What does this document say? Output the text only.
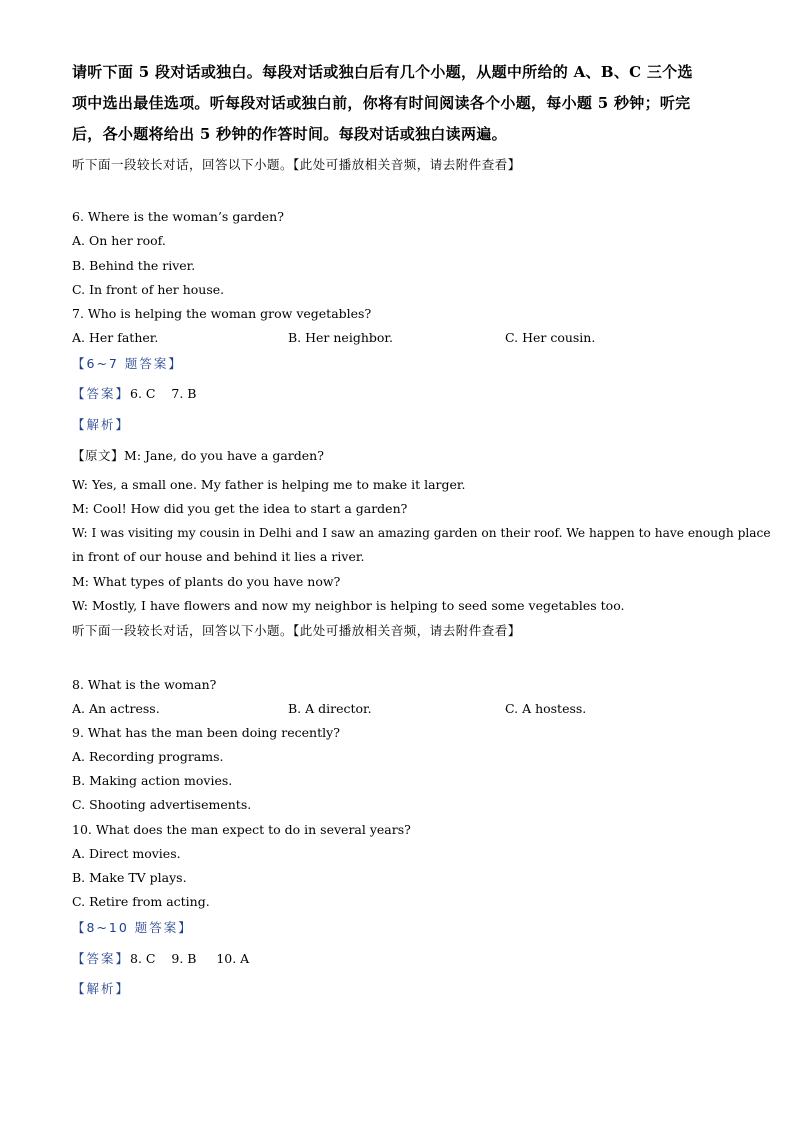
请听下面 5 段对话或独白。每段对话或独白后有几个小题，从题中所给的 A、B、C 三个选
项中选出最佳选项。听每段对话或独白前，你将有时间阅读各个小题，每小题 5 秒钟；听完
后，各小题将给出 5 秒钟的作答时间。每段对话或独白读两遍。
听下面一段较长对话，回答以下小题。【此处可播放相关音频，请去附件查看】
6. Where is the woman’s garden?
A. On her roof.
B. Behind the river.
C. In front of her house.
7. Who is helping the woman grow vegetables?
A. Her father.	B. Her neighbor.	C. Her cousin.
【6~7 题答案】
【答案】6. C    7. B
【解析】
【原文】M: Jane, do you have a garden?
W: Yes, a small one. My father is helping me to make it larger.
M: Cool! How did you get the idea to start a garden?
W: I was visiting my cousin in Delhi and I saw an amazing garden on their roof. We happen to have enough place
in front of our house and behind it lies a river.
M: What types of plants do you have now?
W: Mostly, I have flowers and now my neighbor is helping to seed some vegetables too.
听下面一段较长对话，回答以下小题。【此处可播放相关音频，请去附件查看】
8. What is the woman?
A. An actress.	B. A director.	C. A hostess.
9. What has the man been doing recently?
A. Recording programs.
B. Making action movies.
C. Shooting advertisements.
10. What does the man expect to do in several years?
A. Direct movies.
B. Make TV plays.
C. Retire from acting.
【8~10 题答案】
【答案】8. C    9. B     10. A
【解析】
